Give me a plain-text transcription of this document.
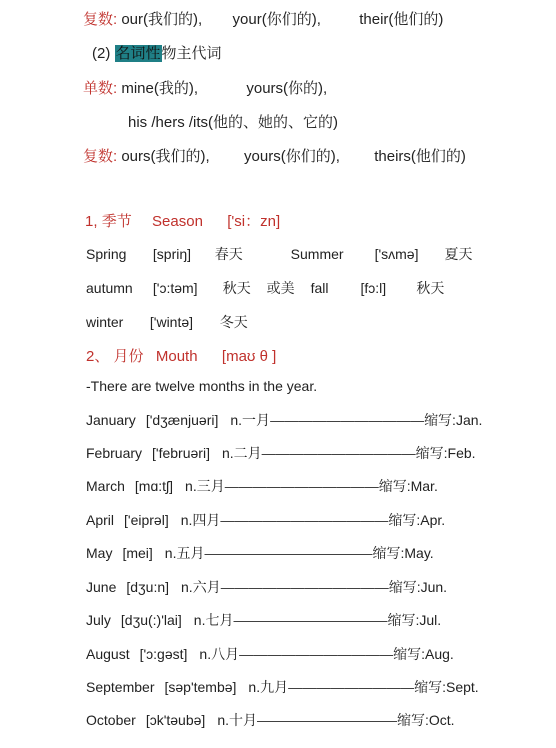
复数: our(我们的), your(你们的),	their(他们的)
(2) 名词性物主代词
单数: mine(我的),	yours(你的),
his /hers /its(他的、她的、它的)
复数: ours(我们的), yours(你们的), theirs(他们的)
1, 季节 Season ['si：zn]
Spring [spriŋ] 春天	Summer ['sʌmə] 夏天
autumn ['ɔ:təm] 秋天 或美 fall [fɔ:l] 秋天
winter ['wintə] 冬天
2、 月份 Mouth [maʊ θ ]
-There are twelve months in the year.
January ['dʒænjuəri] n.一月———————————缩写:Jan.
February ['februəri] n.二月———————————缩写:Feb.
March [mɑ:tʃ] n.三月———————————缩写:Mar.
April ['eiprəl] n.四月————————————缩写:Apr.
May [mei] n.五月————————————缩写:May.
June [dʒu:n] n.六月————————————缩写:Jun.
July [dʒu(:)'lai] n.七月———————————缩写:Jul.
August ['ɔ:gəst] n.八月———————————缩写:Aug.
September [səp'tembə] n.九月—————————缩写:Sept.
October [ɔk'təubə] n.十月——————————缩写:Oct.
